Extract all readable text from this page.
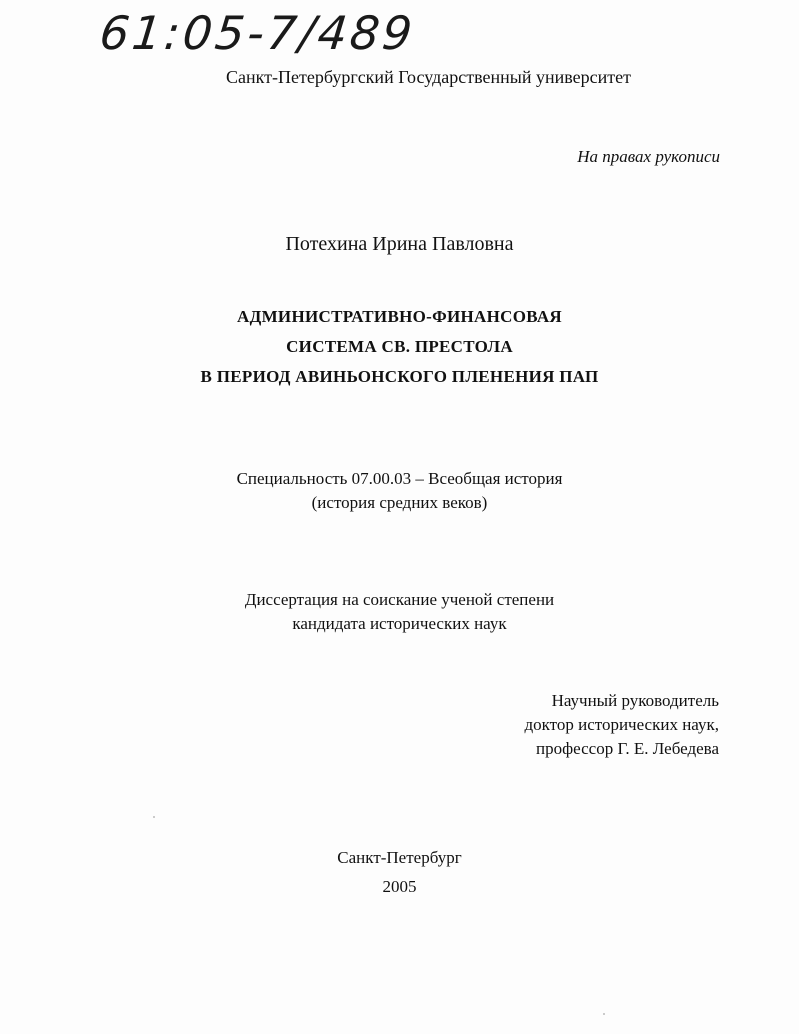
61:05-7/489
Санкт-Петербургский Государственный университет
На правах рукописи
Потехина Ирина Павловна
АДМИНИСТРАТИВНО-ФИНАНСОВАЯ
СИСТЕМА СВ. ПРЕСТОЛА
В ПЕРИОД АВИНЬОНСКОГО ПЛЕНЕНИЯ ПАП
Специальность 07.00.03 – Всеобщая история
(история средних веков)
Диссертация на соискание ученой степени
кандидата исторических наук
Научный руководитель
доктор исторических наук,
профессор Г. Е. Лебедева
Санкт-Петербург
2005
